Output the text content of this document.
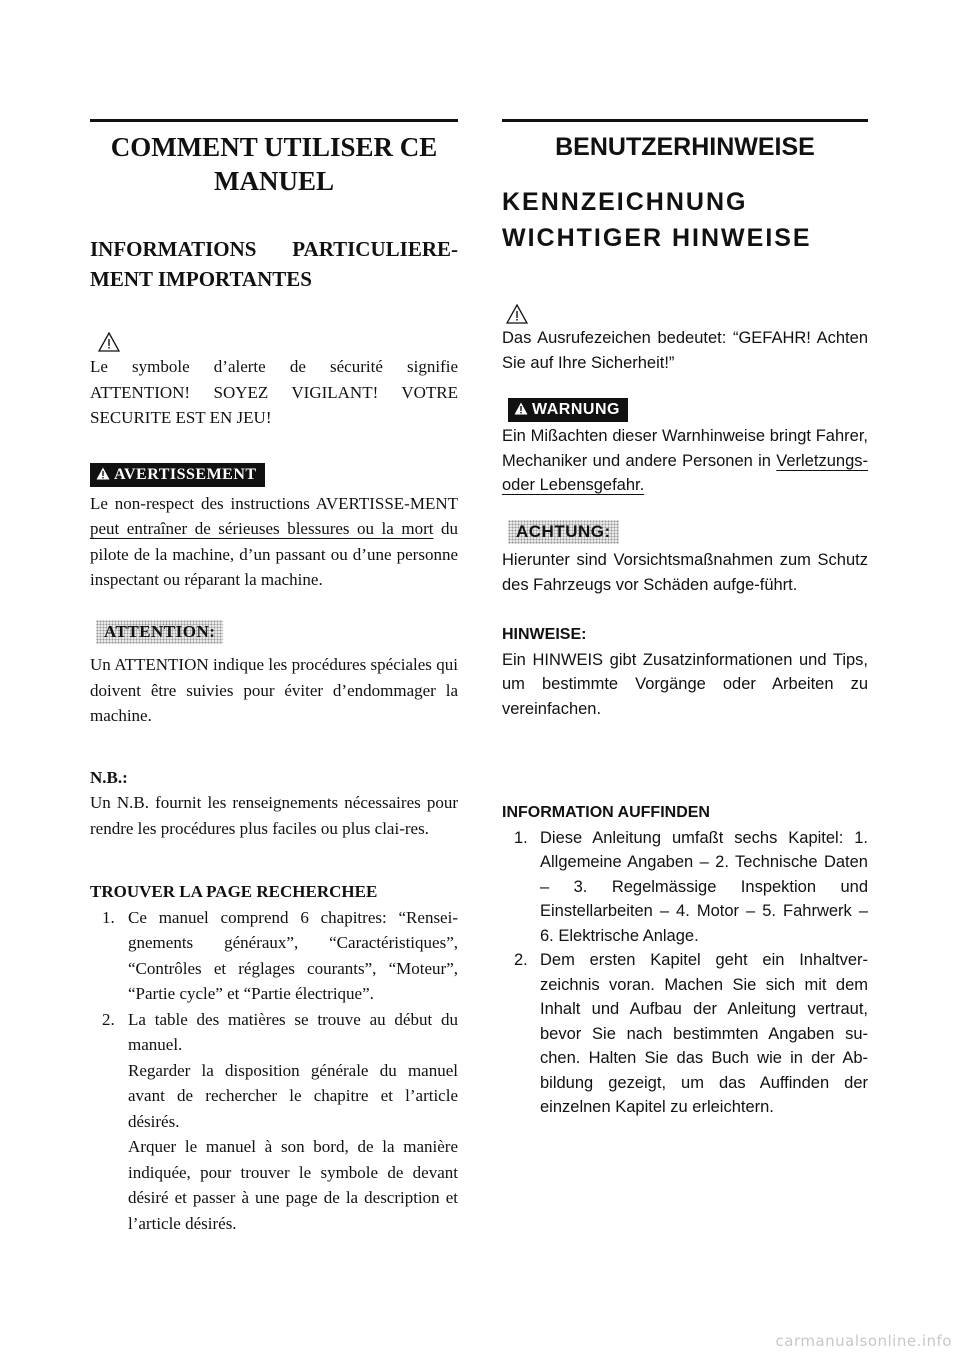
COMMENT UTILISER CE MANUEL
INFORMATIONS PARTICULIERE-MENT IMPORTANTES

Le symbole d’alerte de sécurité signifie ATTENTION! SOYEZ VIGILANT! VOTRE SECURITE EST EN JEU!

AVERTISSEMENT

Le non-respect des instructions AVERTISSE-MENT peut entraîner de sérieuses blessures ou la mort du pilote de la machine, d’un passant ou d’une personne inspectant ou réparant la machine.

ATTENTION:

Un ATTENTION indique les procédures spéciales qui doivent être suivies pour éviter d’endommager la machine.

N.B.:

Un N.B. fournit les renseignements nécessaires pour rendre les procédures plus faciles ou plus clai-res.

TROUVER LA PAGE RECHERCHEE

1. Ce manuel comprend 6 chapitres: “Rensei-gnements généraux”, “Caractéristiques”, “Contrôles et réglages courants”, “Moteur”, “Partie cycle” et “Partie électrique”.

2. La table des matières se trouve au début du manuel.

Regarder la disposition générale du manuel avant de rechercher le chapitre et l’article désirés.

Arquer le manuel à son bord, de la manière indiquée, pour trouver le symbole de devant désiré et passer à une page de la description et l’article désirés.

BENUTZERHINWEISE
KENNZEICHNUNG
WICHTIGER HINWEISE

Das Ausrufezeichen bedeutet: “GEFAHR! Achten Sie auf Ihre Sicherheit!”

WARNUNG

Ein Mißachten dieser Warnhinweise bringt Fahrer, Mechaniker und andere Personen in Verletzungs- oder Lebensgefahr.

ACHTUNG:

Hierunter sind Vorsichtsmaßnahmen zum Schutz des Fahrzeugs vor Schäden aufge-führt.

HINWEISE:

Ein HINWEIS gibt Zusatzinformationen und Tips, um bestimmte Vorgänge oder Arbeiten zu vereinfachen.

INFORMATION AUFFINDEN

1. Diese Anleitung umfaßt sechs Kapitel: 1. Allgemeine Angaben – 2. Technische Daten – 3. Regelmässige Inspektion und Einstellarbeiten – 4. Motor – 5. Fahrwerk – 6. Elektrische Anlage.

2. Dem ersten Kapitel geht ein Inhaltver-zeichnis voran. Machen Sie sich mit dem Inhalt und Aufbau der Anleitung vertraut, bevor Sie nach bestimmten Angaben su-chen. Halten Sie das Buch wie in der Ab-bildung gezeigt, um das Auffinden der einzelnen Kapitel zu erleichtern.

carmanualsonline.info
